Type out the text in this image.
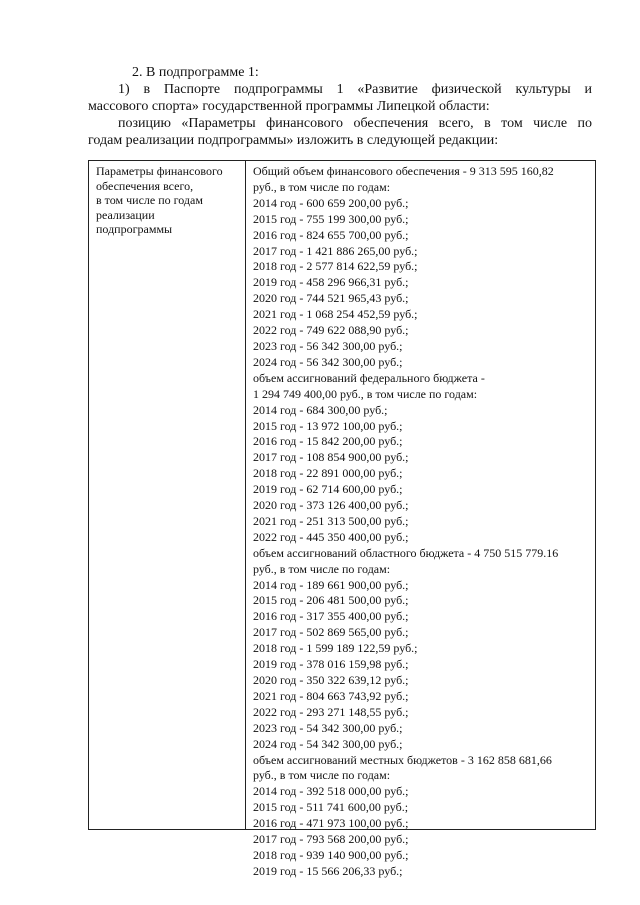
2. В подпрограмме 1:
1) в Паспорте подпрограммы 1 «Развитие физической культуры и
массового спорта» государственной программы Липецкой области:
позицию «Параметры финансового обеспечения всего, в том числе по
годам реализации подпрограммы» изложить в следующей редакции:
Параметры финансового
обеспечения всего,
в том числе по годам
реализации
подпрограммы
Общий объем финансового обеспечения - 9 313 595 160,82
руб., в том числе по годам:
2014 год - 600 659 200,00 руб.;
2015 год - 755 199 300,00 руб.;
2016 год - 824 655 700,00 руб.;
2017 год - 1 421 886 265,00 руб.;
2018 год - 2 577 814 622,59 руб.;
2019 год - 458 296 966,31 руб.;
2020 год - 744 521 965,43 руб.;
2021 год - 1 068 254 452,59 руб.;
2022 год - 749 622 088,90 руб.;
2023 год - 56 342 300,00 руб.;
2024 год - 56 342 300,00 руб.;
объем ассигнований федерального бюджета -
1 294 749 400,00 руб., в том числе по годам:
2014 год - 684 300,00 руб.;
2015 год - 13 972 100,00 руб.;
2016 год - 15 842 200,00 руб.;
2017 год - 108 854 900,00 руб.;
2018 год - 22 891 000,00 руб.;
2019 год - 62 714 600,00 руб.;
2020 год - 373 126 400,00 руб.;
2021 год - 251 313 500,00 руб.;
2022 год - 445 350 400,00 руб.;
объем ассигнований областного бюджета - 4 750 515 779.16
руб., в том числе по годам:
2014 год - 189 661 900,00 руб.;
2015 год - 206 481 500,00 руб.;
2016 год - 317 355 400,00 руб.;
2017 год - 502 869 565,00 руб.;
2018 год - 1 599 189 122,59 руб.;
2019 год - 378 016 159,98 руб.;
2020 год - 350 322 639,12 руб.;
2021 год - 804 663 743,92 руб.;
2022 год - 293 271 148,55 руб.;
2023 год - 54 342 300,00 руб.;
2024 год - 54 342 300,00 руб.;
объем ассигнований местных бюджетов - 3 162 858 681,66
руб., в том числе по годам:
2014 год - 392 518 000,00 руб.;
2015 год - 511 741 600,00 руб.;
2016 год - 471 973 100,00 руб.;
2017 год - 793 568 200,00 руб.;
2018 год - 939 140 900,00 руб.;
2019 год - 15 566 206,33 руб.;
